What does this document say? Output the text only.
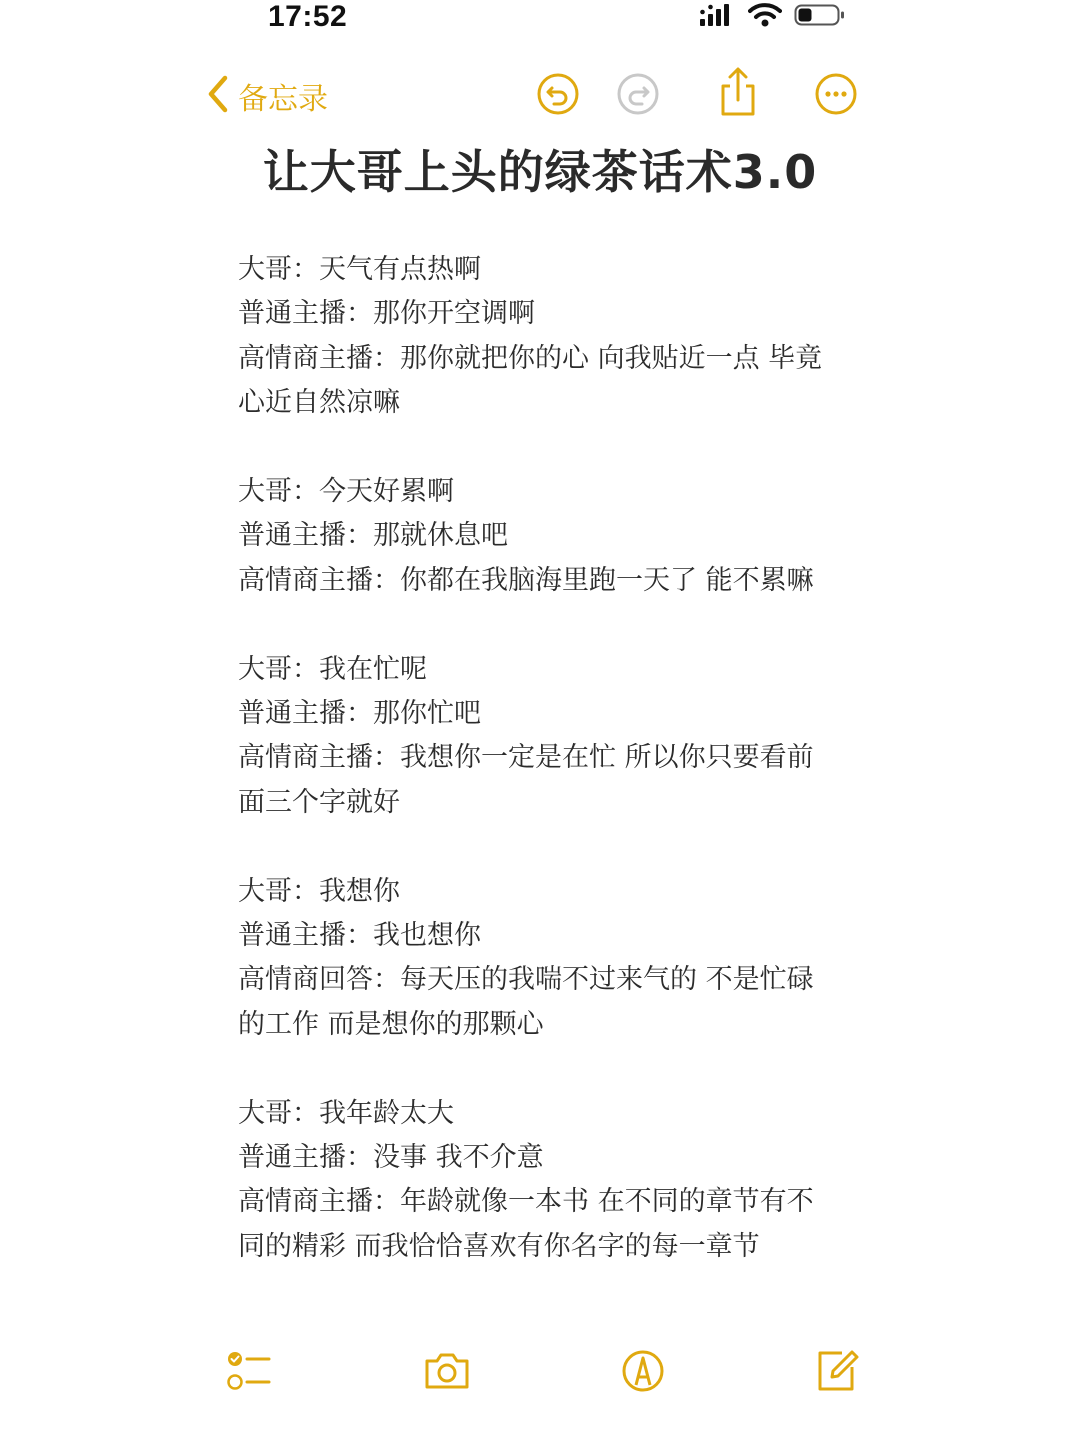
17:52
备忘录
让大哥上头的绿茶话术3.0

大哥：天气有点热啊
普通主播：那你开空调啊
高情商主播：那你就把你的心 向我贴近一点 毕竟心近自然凉嘛

大哥：今天好累啊
普通主播：那就休息吧
高情商主播：你都在我脑海里跑一天了 能不累嘛

大哥：我在忙呢
普通主播：那你忙吧
高情商主播：我想你一定是在忙 所以你只要看前面三个字就好

大哥：我想你
普通主播：我也想你
高情商回答：每天压的我喘不过来气的 不是忙碌的工作 而是想你的那颗心

大哥：我年龄太大
普通主播：没事 我不介意
高情商主播：年龄就像一本书 在不同的章节有不同的精彩 而我恰恰喜欢有你名字的每一章节
